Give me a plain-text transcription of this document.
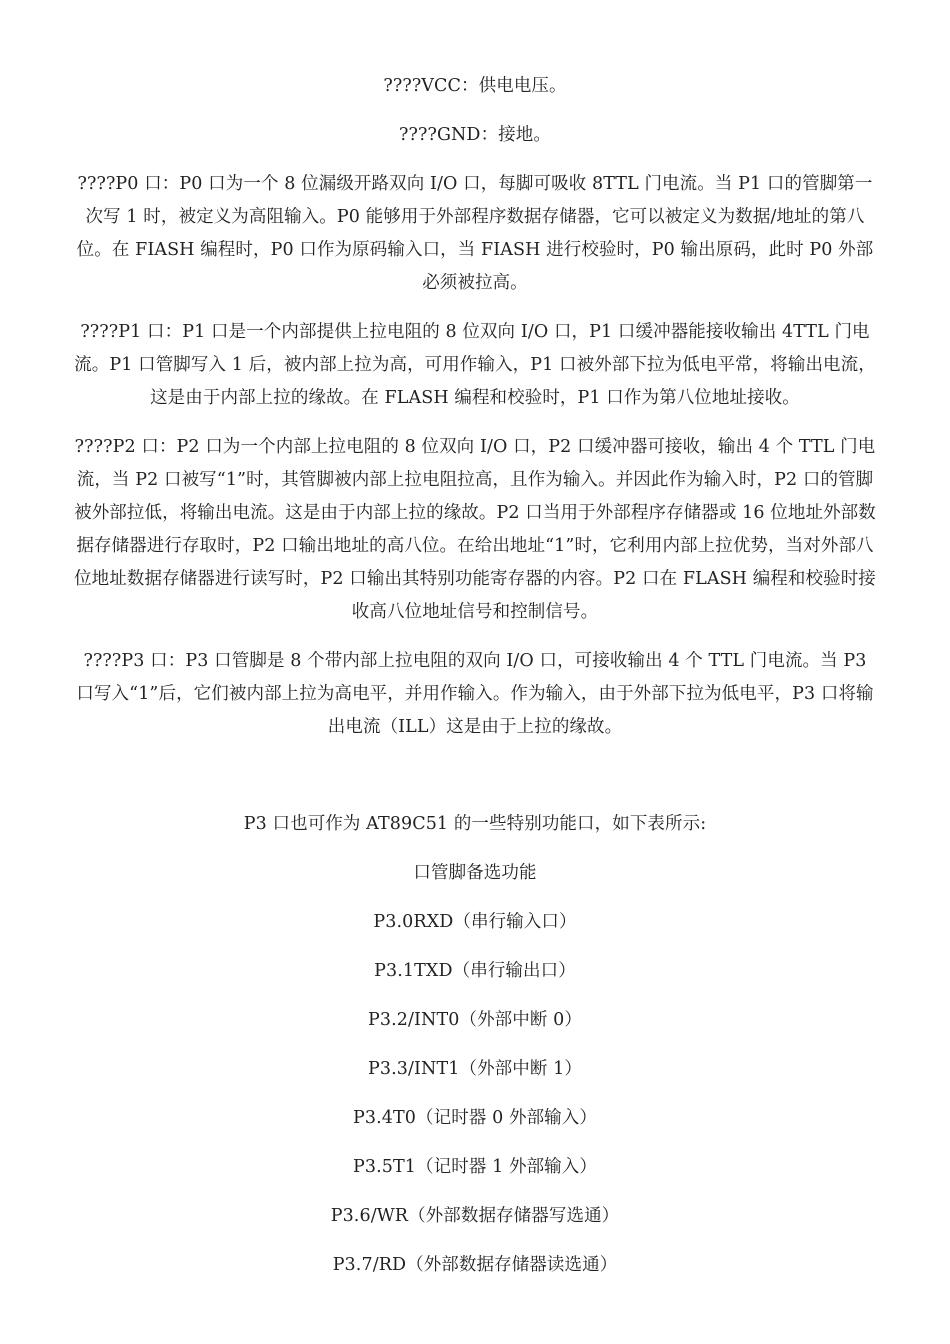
????VCC：供电电压。

????GND：接地。

????P0 口：P0 口为一个 8 位漏级开路双向 I/O 口，每脚可吸收 8TTL 门电流。当 P1 口的管脚第一次写 1 时，被定义为高阻输入。P0 能够用于外部程序数据存储器，它可以被定义为数据/地址的第八位。在 FIASH 编程时，P0 口作为原码输入口，当 FIASH 进行校验时，P0 输出原码，此时 P0 外部必须被拉高。

????P1 口：P1 口是一个内部提供上拉电阻的 8 位双向 I/O 口，P1 口缓冲器能接收输出 4TTL 门电流。P1 口管脚写入 1 后，被内部上拉为高，可用作输入，P1 口被外部下拉为低电平常，将输出电流，这是由于内部上拉的缘故。在 FLASH 编程和校验时，P1 口作为第八位地址接收。

????P2 口：P2 口为一个内部上拉电阻的 8 位双向 I/O 口，P2 口缓冲器可接收，输出 4 个 TTL 门电流，当 P2 口被写“1”时，其管脚被内部上拉电阻拉高，且作为输入。并因此作为输入时，P2 口的管脚被外部拉低，将输出电流。这是由于内部上拉的缘故。P2 口当用于外部程序存储器或 16 位地址外部数据存储器进行存取时，P2 口输出地址的高八位。在给出地址“1”时，它利用内部上拉优势，当对外部八位地址数据存储器进行读写时，P2 口输出其特别功能寄存器的内容。P2 口在 FLASH 编程和校验时接收高八位地址信号和控制信号。

????P3 口：P3 口管脚是 8 个带内部上拉电阻的双向 I/O 口，可接收输出 4 个 TTL 门电流。当 P3 口写入“1”后，它们被内部上拉为高电平，并用作输入。作为输入，由于外部下拉为低电平，P3 口将输出电流（ILL）这是由于上拉的缘故。

P3 口也可作为 AT89C51 的一些特别功能口，如下表所示:

口管脚备选功能

P3.0RXD（串行输入口）

P3.1TXD（串行输出口）

P3.2/INT0（外部中断 0）

P3.3/INT1（外部中断 1）

P3.4T0（记时器 0 外部输入）

P3.5T1（记时器 1 外部输入）

P3.6/WR（外部数据存储器写选通）

P3.7/RD（外部数据存储器读选通）
